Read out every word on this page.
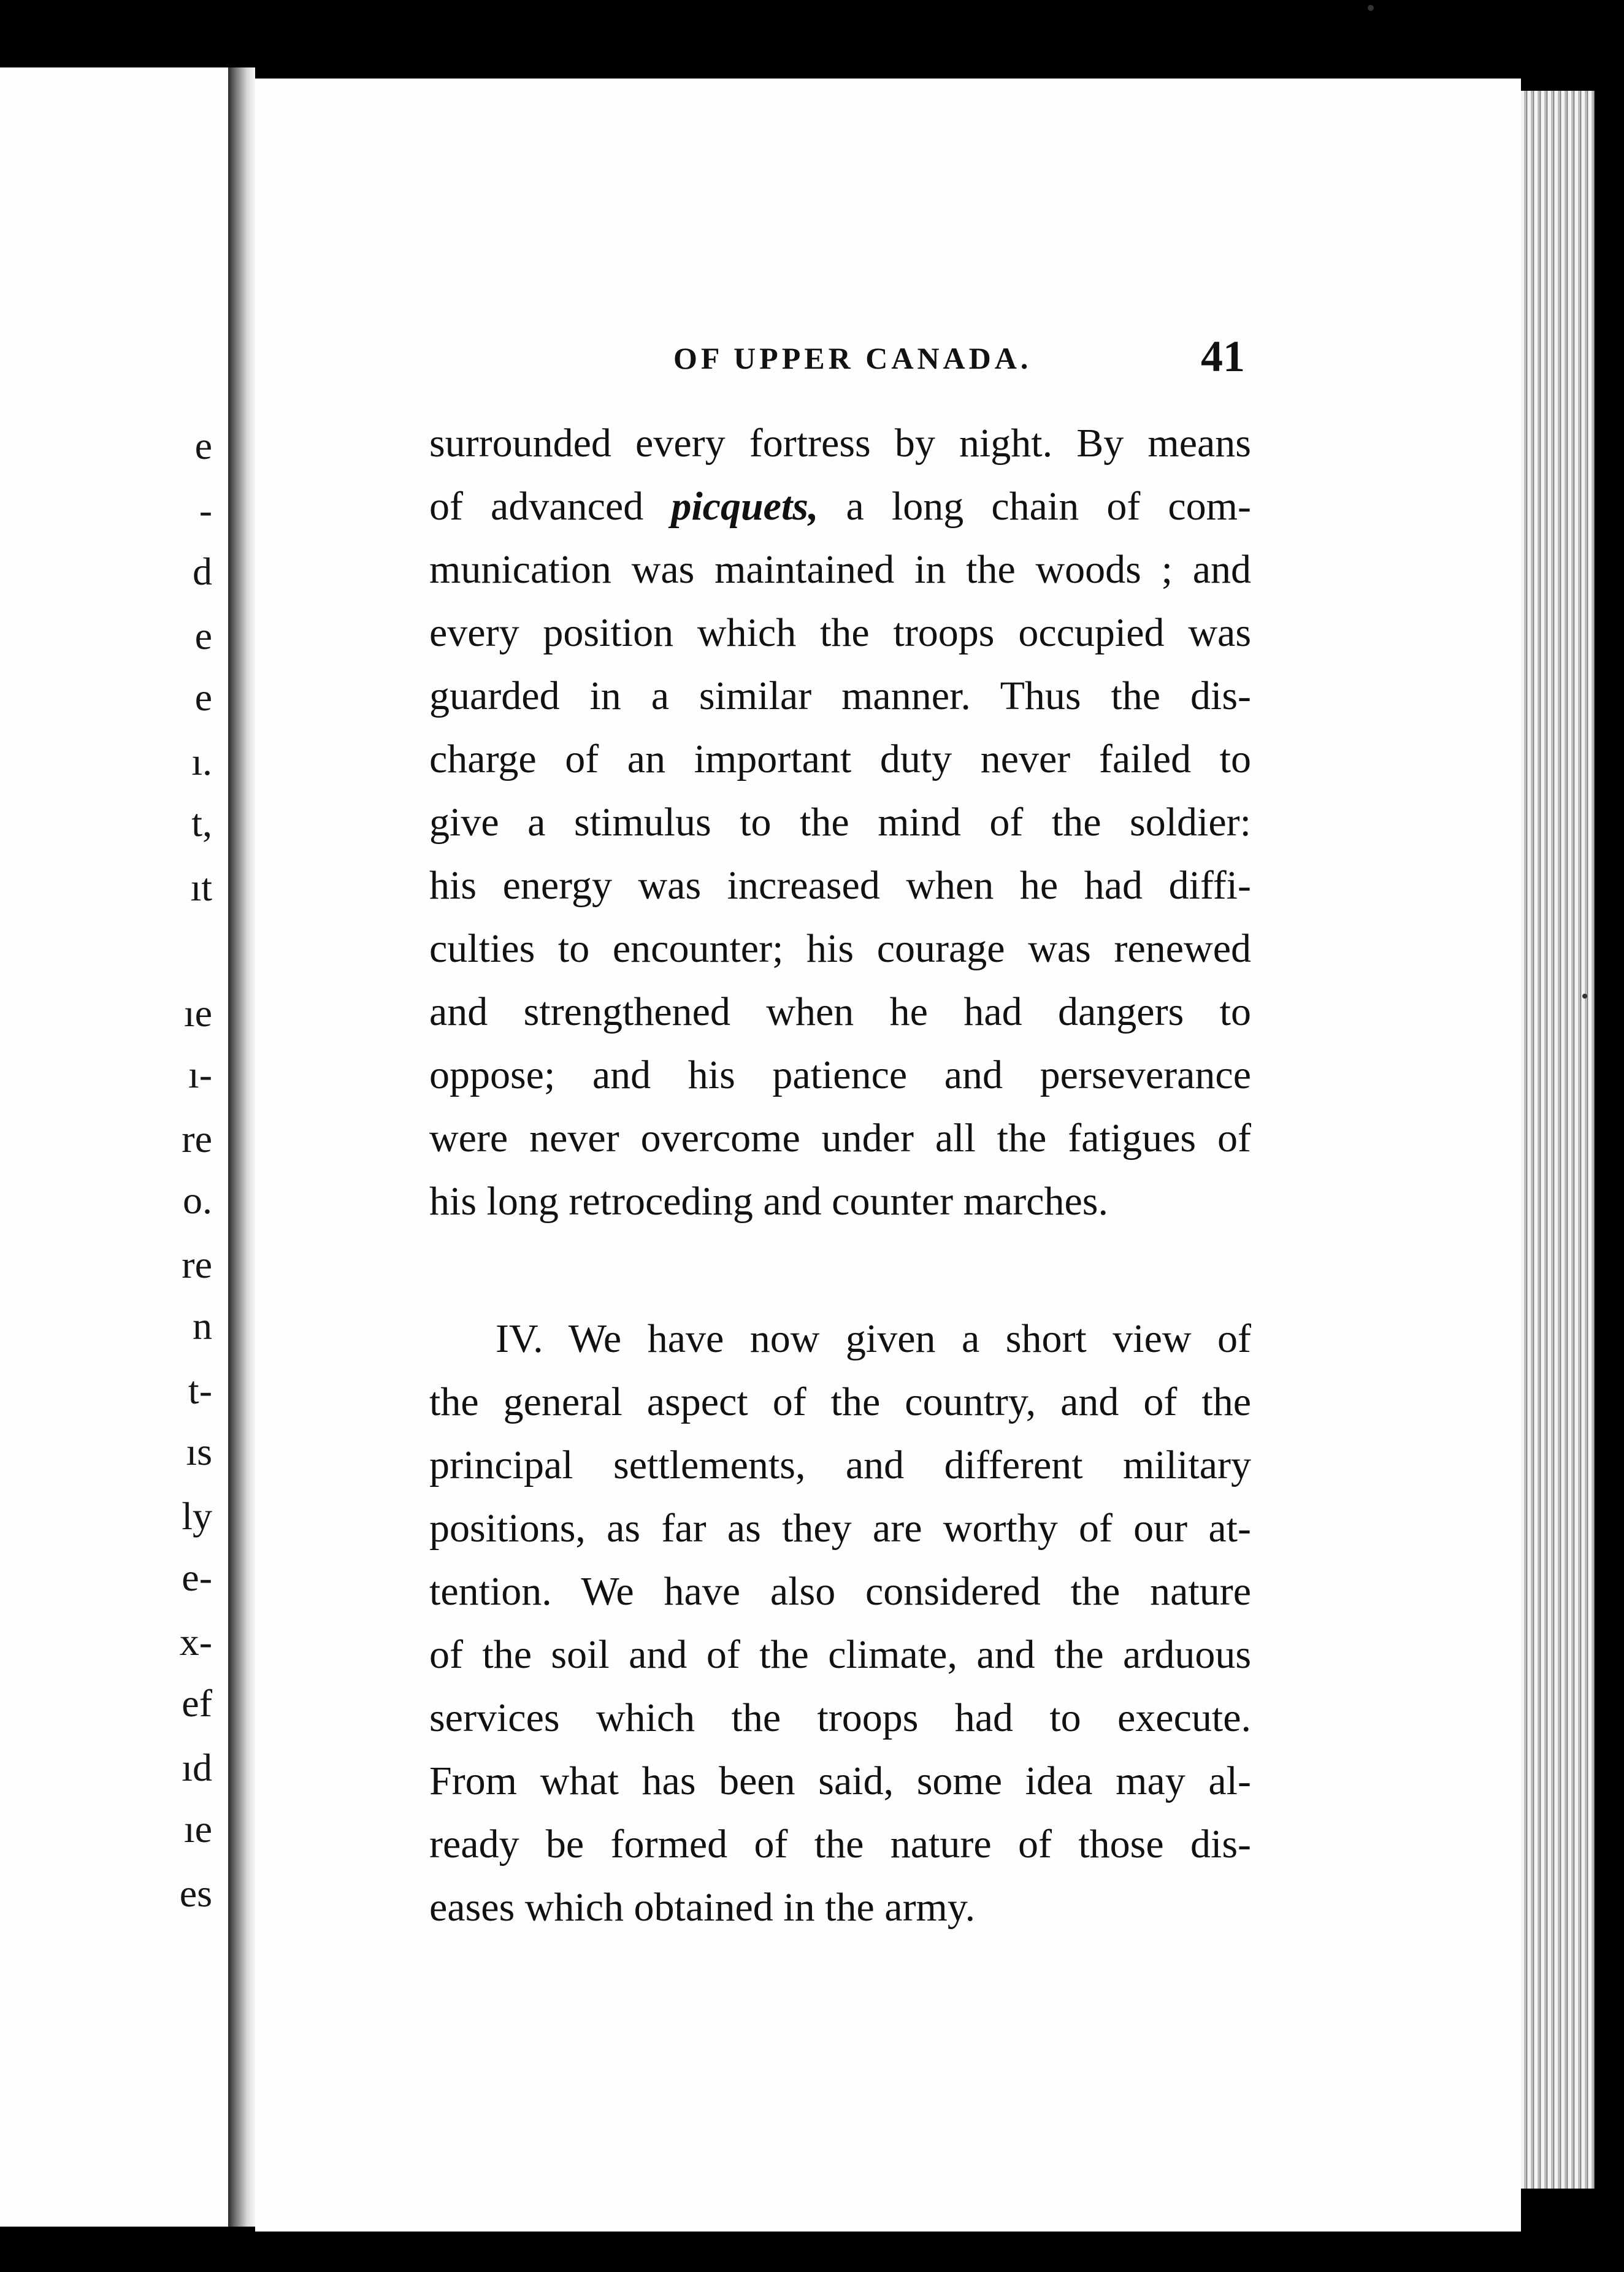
e
-
d
e
e
ı.
t,
ıt
ıe
ı-
re
o.
re
n
t-
ıs
ly
e-
x-
ef
ıd
ıe
es
OF UPPER CANADA.	41
surrounded every fortress by night. By means
of advanced picquets, a long chain of com-
munication was maintained in the woods ; and
every position which the troops occupied was
guarded in a similar manner. Thus the dis-
charge of an important duty never failed to
give a stimulus to the mind of the soldier:
his energy was increased when he had diffi-
culties to encounter; his courage was renewed
and strengthened when he had dangers to
oppose; and his patience and perseverance
were never overcome under all the fatigues of
his long retroceding and counter marches.
IV. We have now given a short view of
the general aspect of the country, and of the
principal settlements, and different military
positions, as far as they are worthy of our at-
tention. We have also considered the nature
of the soil and of the climate, and the arduous
services which the troops had to execute.
From what has been said, some idea may al-
ready be formed of the nature of those dis-
eases which obtained in the army.
